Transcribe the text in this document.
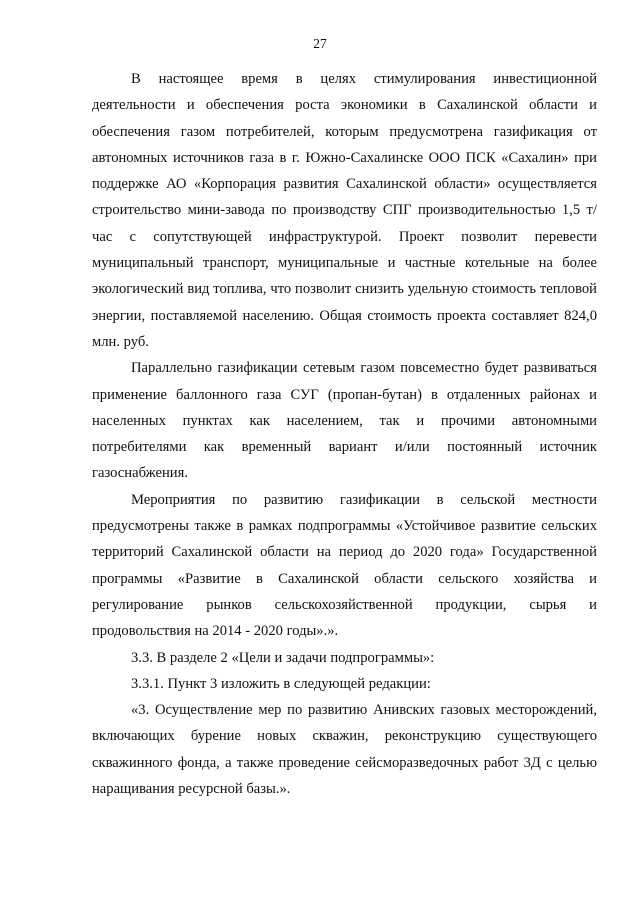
27

В настоящее время в целях стимулирования инвестиционной деятельности и обеспечения роста экономики в Сахалинской области и обеспечения газом потребителей, которым предусмотрена газификация от автономных источников газа в г. Южно-Сахалинске ООО ПСК «Сахалин» при поддержке АО «Корпорация развития Сахалинской области» осуществляется строительство мини-завода по производству СПГ производительностью 1,5 т/час с сопутствующей инфраструктурой. Проект позволит перевести муниципальный транспорт, муниципальные и частные котельные на более экологический вид топлива, что позволит снизить удельную стоимость тепловой энергии, поставляемой населению. Общая стоимость проекта составляет 824,0 млн. руб.

Параллельно газификации сетевым газом повсеместно будет развиваться применение баллонного газа СУГ (пропан-бутан) в отдаленных районах и населенных пунктах как населением, так и прочими автономными потребителями как временный вариант и/или постоянный источник газоснабжения.

Мероприятия по развитию газификации в сельской местности предусмотрены также в рамках подпрограммы «Устойчивое развитие сельских территорий Сахалинской области на период до 2020 года» Государственной программы «Развитие в Сахалинской области сельского хозяйства и регулирование рынков сельскохозяйственной продукции, сырья и продовольствия на 2014 - 2020 годы».».

3.3. В разделе 2 «Цели и задачи подпрограммы»:

3.3.1. Пункт 3 изложить в следующей редакции:

«3. Осуществление мер по развитию Анивских газовых месторождений, включающих бурение новых скважин, реконструкцию существующего скважинного фонда, а также проведение сейсморазведочных работ 3Д с целью наращивания ресурсной базы.».
